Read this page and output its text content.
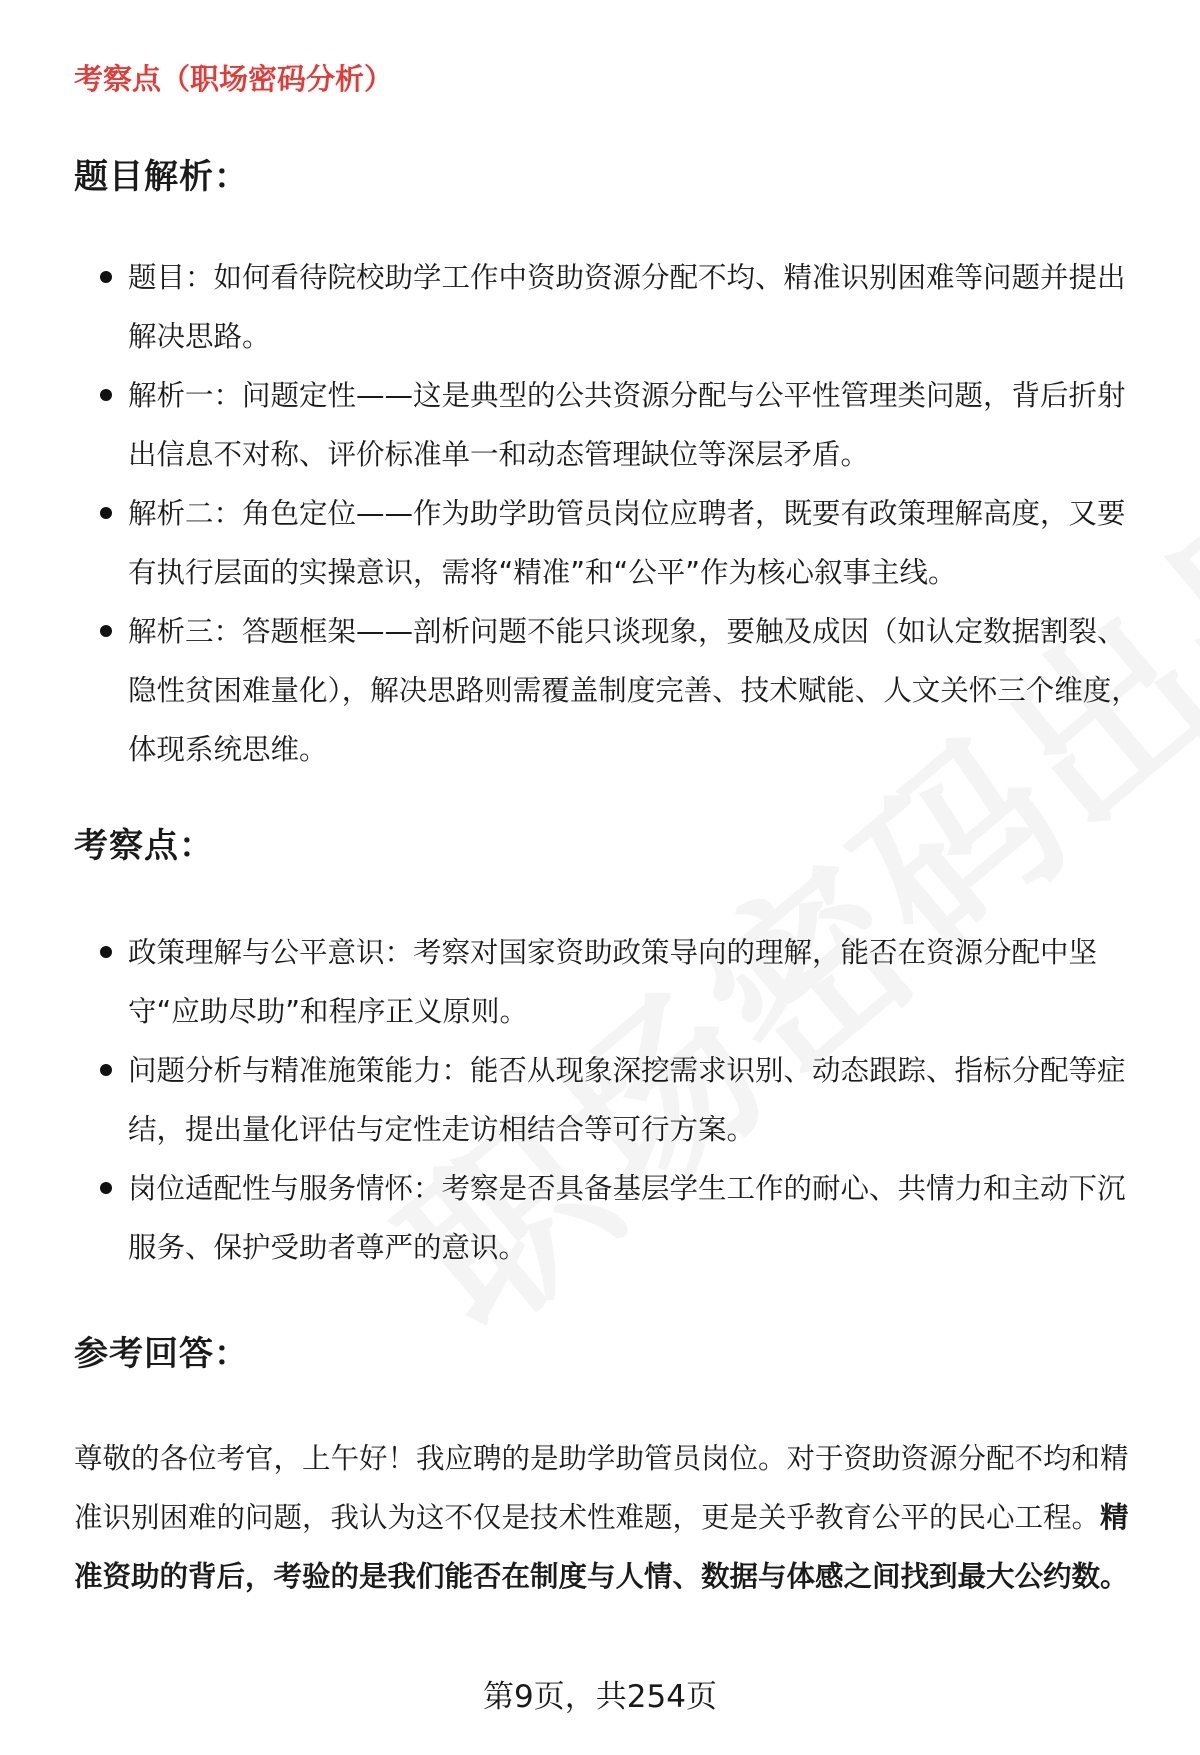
考察点（职场密码分析）
题目解析：
题目：如何看待院校助学工作中资助资源分配不均、精准识别困难等问题并提出解决思路。
解析一：问题定性——这是典型的公共资源分配与公平性管理类问题，背后折射出信息不对称、评价标准单一和动态管理缺位等深层矛盾。
解析二：角色定位——作为助学助管员岗位应聘者，既要有政策理解高度，又要有执行层面的实操意识，需将“精准”和“公平”作为核心叙事主线。
解析三：答题框架——剖析问题不能只谈现象，要触及成因（如认定数据割裂、隐性贫困难量化），解决思路则需覆盖制度完善、技术赋能、人文关怀三个维度，体现系统思维。
考察点：
政策理解与公平意识：考察对国家资助政策导向的理解，能否在资源分配中坚守“应助尽助”和程序正义原则。
问题分析与精准施策能力：能否从现象深挖需求识别、动态跟踪、指标分配等症结，提出量化评估与定性走访相结合等可行方案。
岗位适配性与服务情怀：考察是否具备基层学生工作的耐心、共情力和主动下沉服务、保护受助者尊严的意识。
参考回答：

尊敬的各位考官，上午好！我应聘的是助学助管员岗位。对于资助资源分配不均和精准识别困难的问题，我认为这不仅是技术性难题，更是关乎教育公平的民心工程。精准资助的背后，考验的是我们能否在制度与人情、数据与体感之间找到最大公约数。

第9页，共254页
